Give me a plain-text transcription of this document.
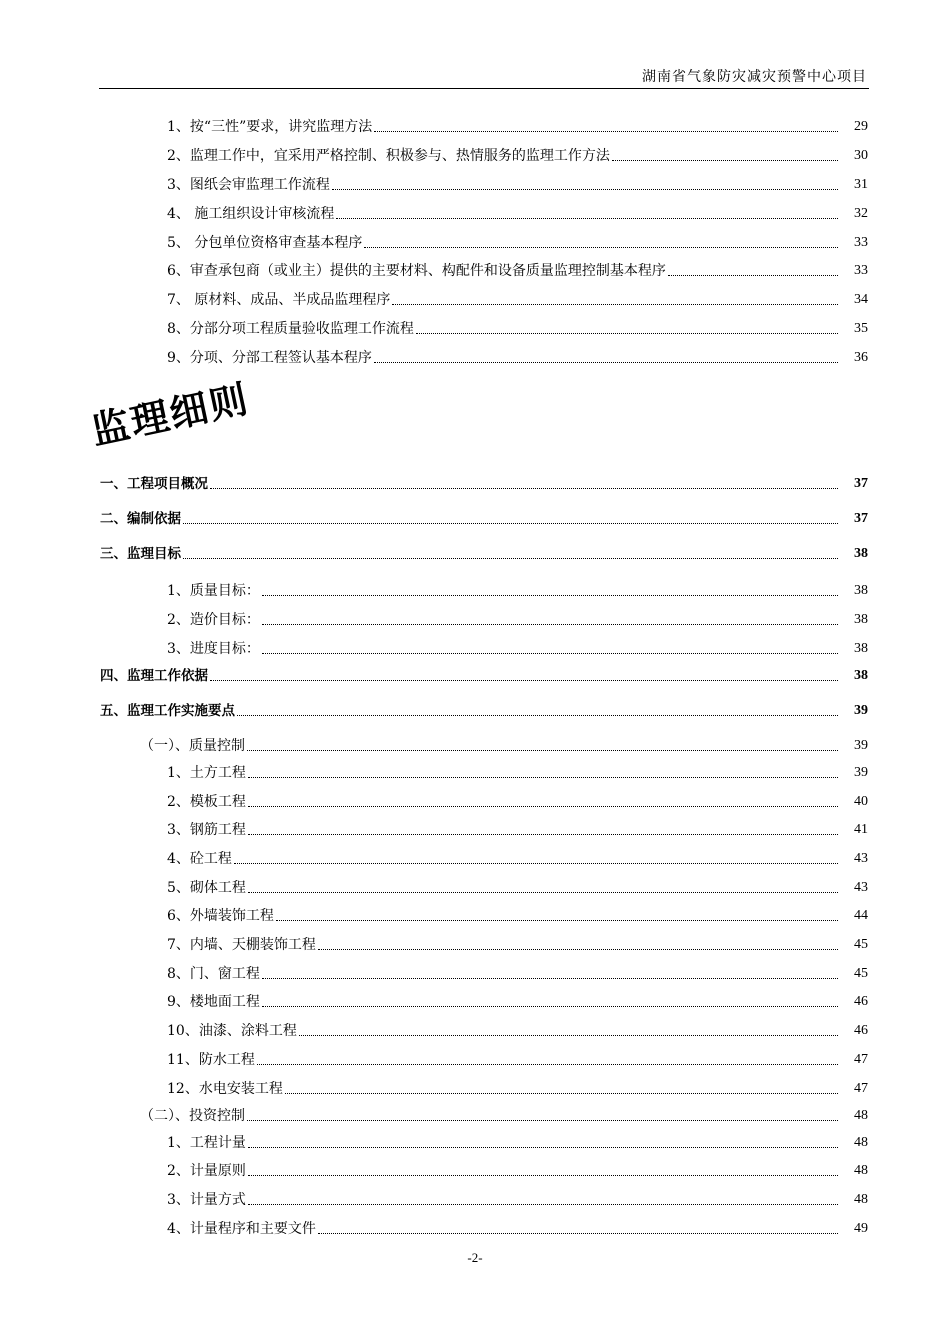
湖南省气象防灾减灾预警中心项目
1、按“三性”要求，讲究监理方法	29
2、监理工作中，宜采用严格控制、积极参与、热情服务的监理工作方法	30
3、图纸会审监理工作流程	31
4、 施工组织设计审核流程	32
5、 分包单位资格审查基本程序	33
6、审查承包商（或业主）提供的主要材料、构配件和设备质量监理控制基本程序	33
7、 原材料、成品、半成品监理程序	34
8、分部分项工程质量验收监理工作流程	35
9、分项、分部工程签认基本程序	36
监理细则
一、工程项目概况	37
二、编制依据	37
三、监理目标	38
1、质量目标：	38
2、造价目标：	38
3、进度目标：	38
四、监理工作依据	38
五、监理工作实施要点	39
（一）、质量控制	39
1、土方工程	39
2、模板工程	40
3、钢筋工程	41
4、砼工程	43
5、砌体工程	43
6、外墙装饰工程	44
7、内墙、天棚装饰工程	45
8、门、窗工程	45
9、楼地面工程	46
10、油漆、涂料工程	46
11、防水工程	47
12、水电安装工程	47
（二）、投资控制	48
1、工程计量	48
2、计量原则	48
3、计量方式	48
4、计量程序和主要文件	49
-2-
